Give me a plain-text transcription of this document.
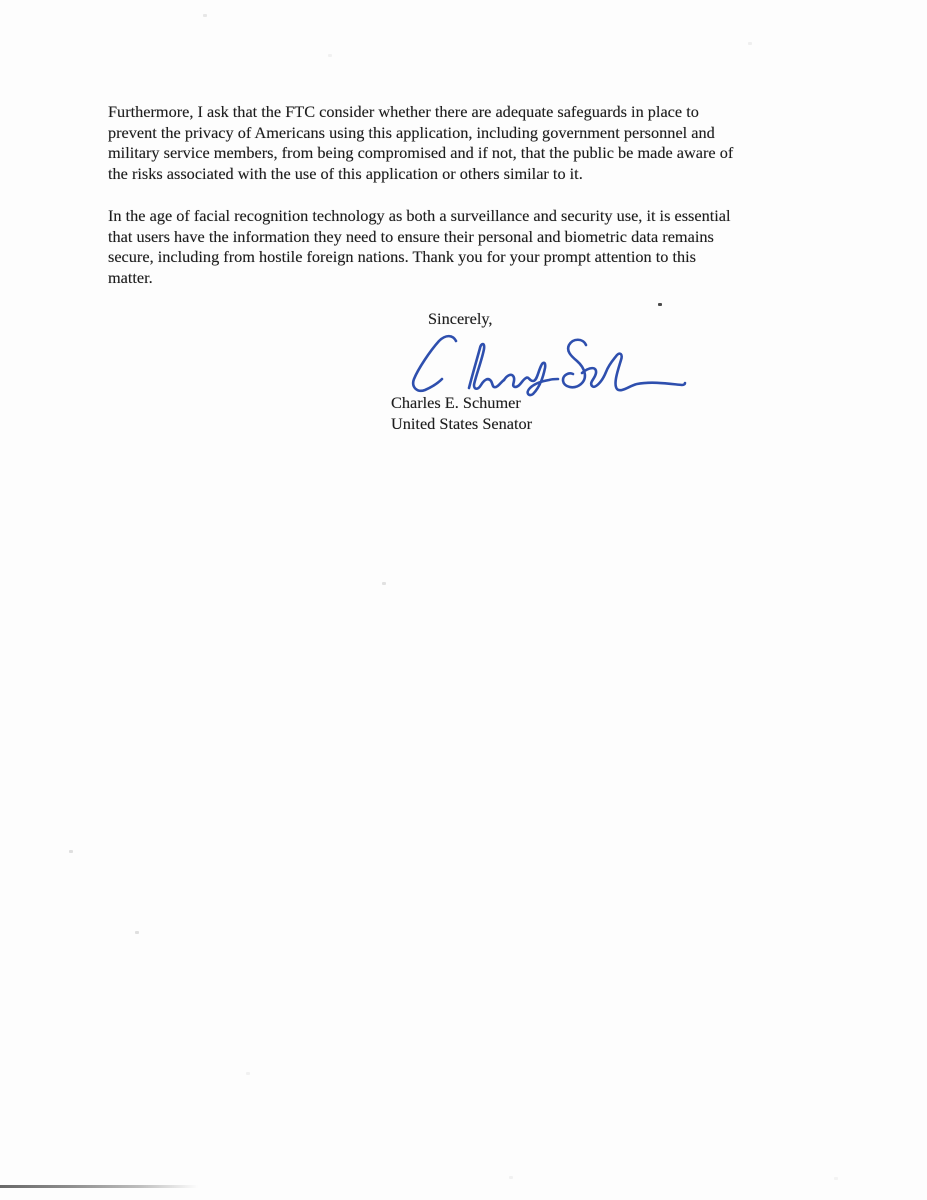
Furthermore, I ask that the FTC consider whether there are adequate safeguards in place to
prevent the privacy of Americans using this application, including government personnel and
military service members, from being compromised and if not, that the public be made aware of
the risks associated with the use of this application or others similar to it.
In the age of facial recognition technology as both a surveillance and security use, it is essential
that users have the information they need to ensure their personal and biometric data remains
secure, including from hostile foreign nations. Thank you for your prompt attention to this
matter.
Sincerely,
Charles E. Schumer
United States Senator
